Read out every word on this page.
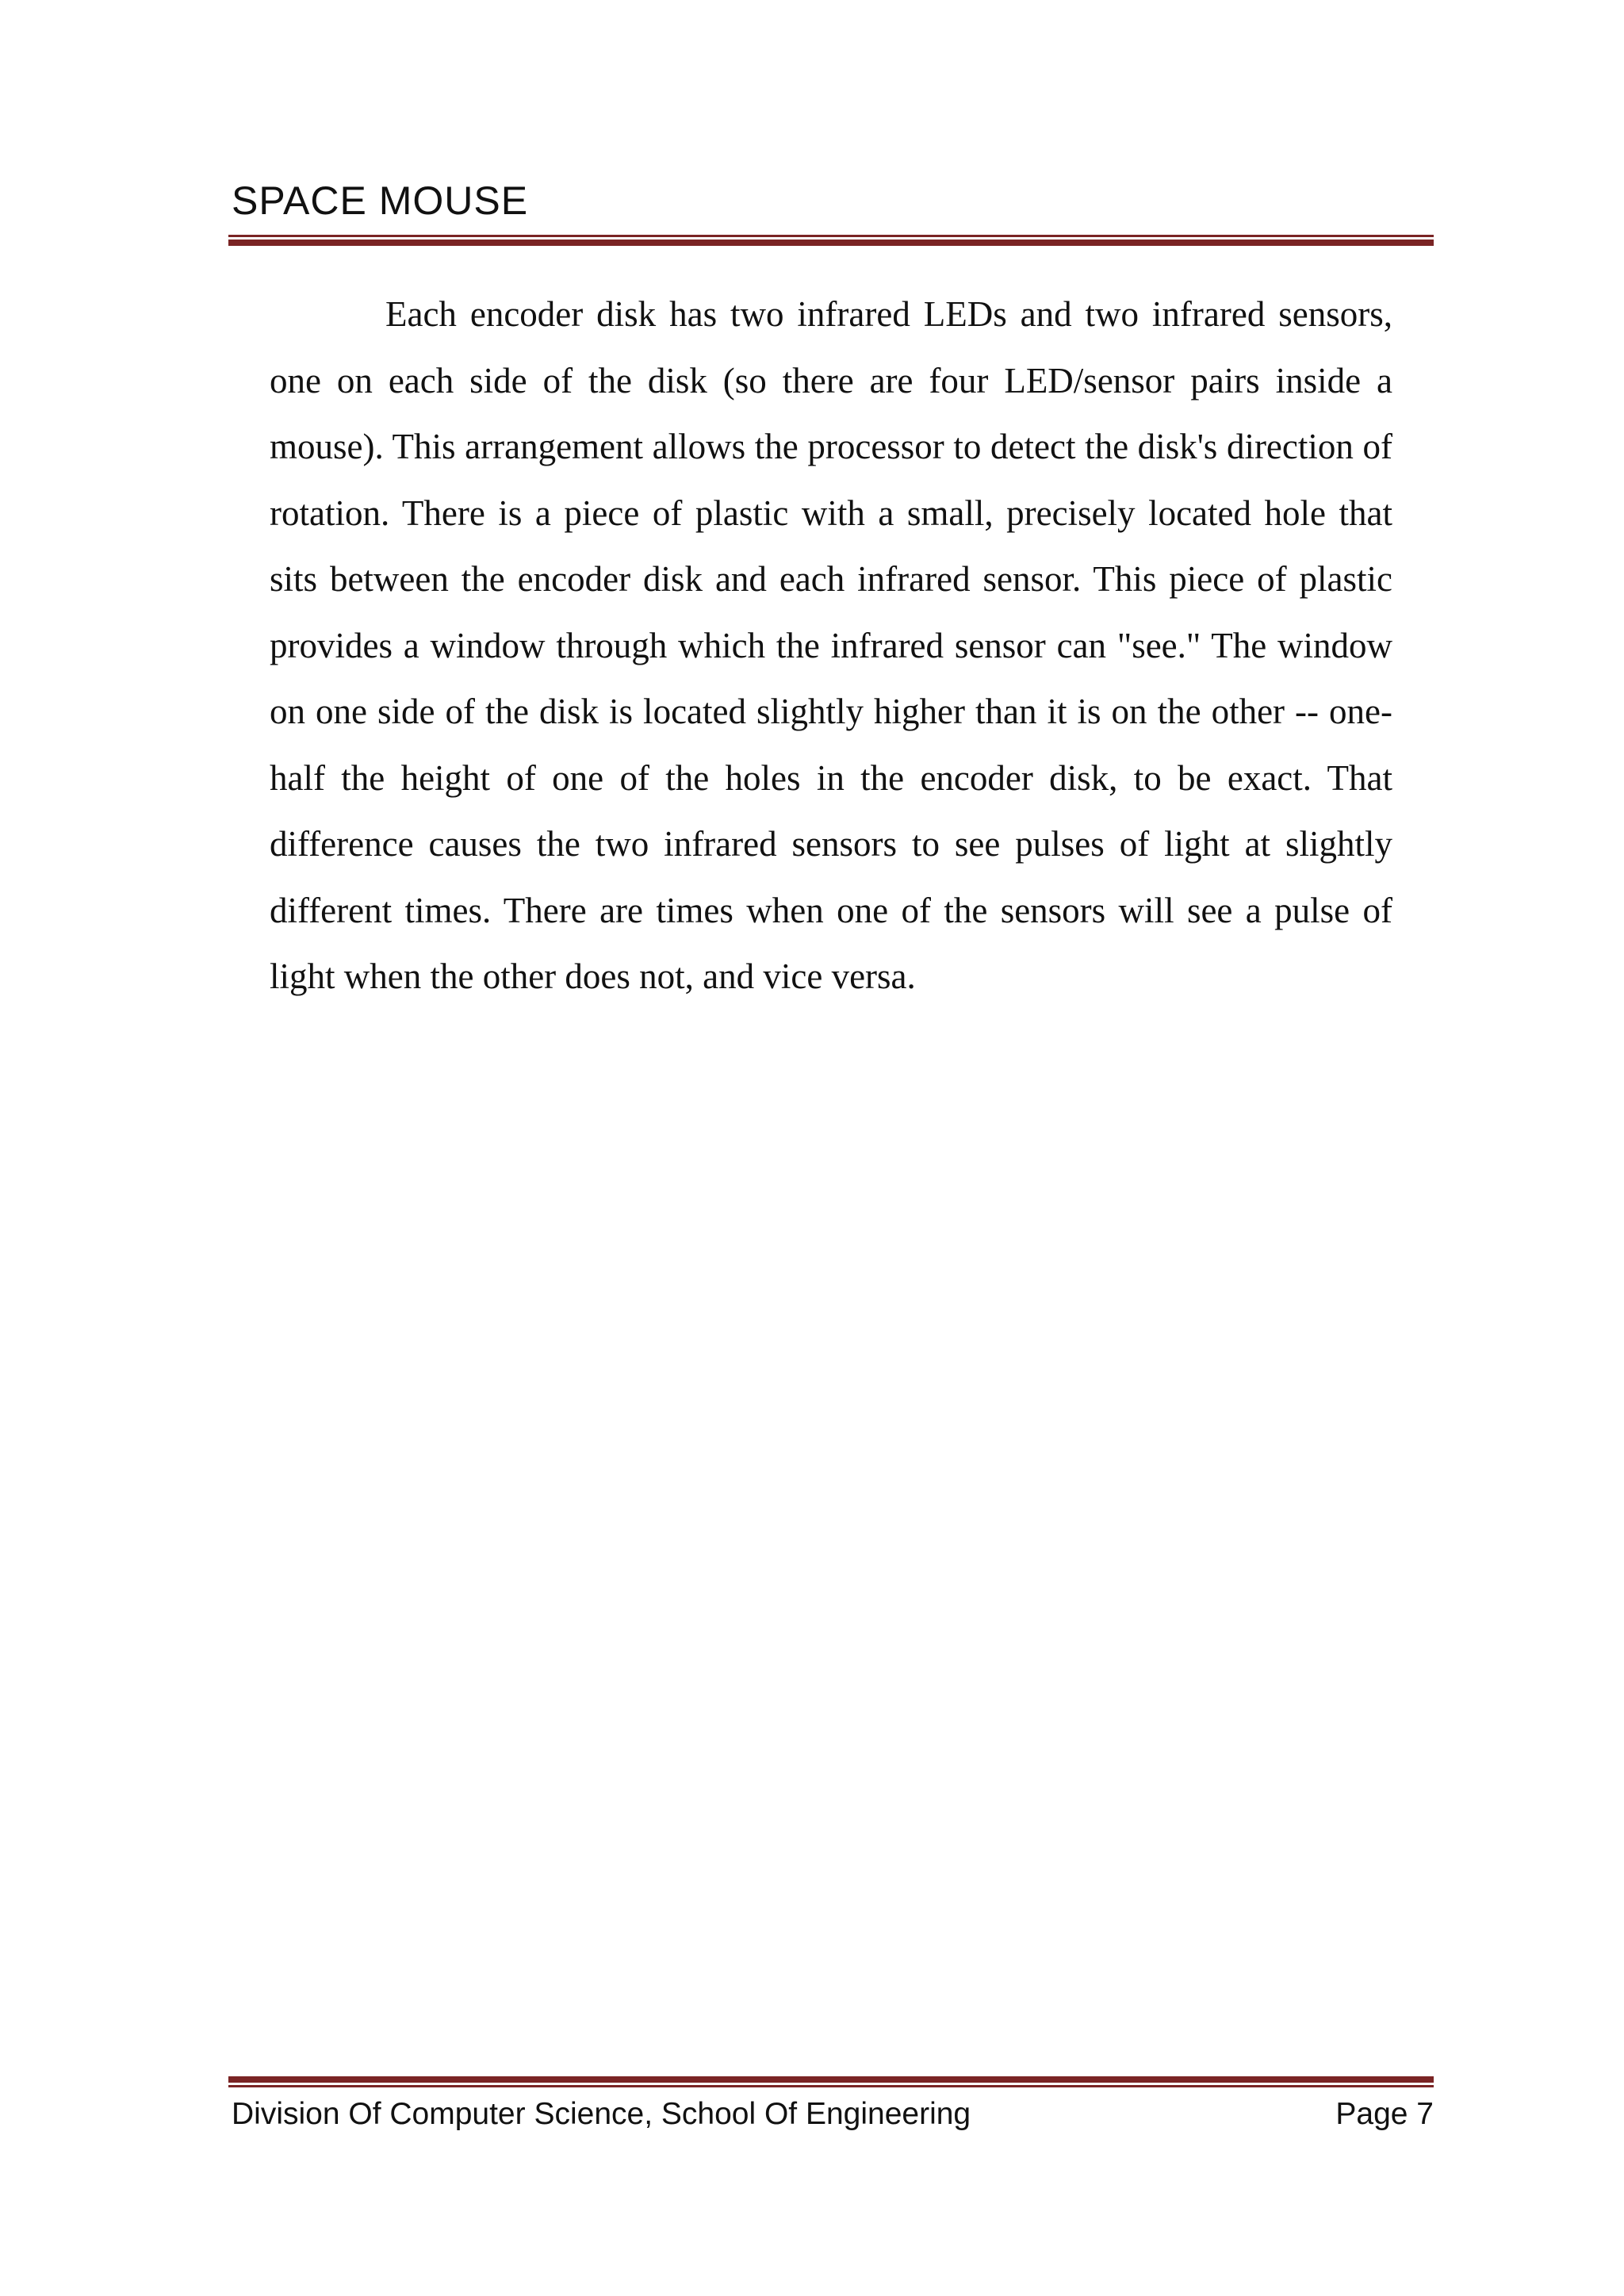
SPACE MOUSE

Each encoder disk has two infrared LEDs and two infrared sensors, one on each side of the disk (so there are four LED/sensor pairs inside a mouse). This arrangement allows the processor to detect the disk's direction of rotation. There is a piece of plastic with a small, precisely located hole that sits between the encoder disk and each infrared sensor. This piece of plastic provides a window through which the infrared sensor can "see." The window on one side of the disk is located slightly higher than it is on the other -- one-half the height of one of the holes in the encoder disk, to be exact. That difference causes the two infrared sensors to see pulses of light at slightly different times. There are times when one of the sensors will see a pulse of light when the other does not, and vice versa.

Division Of Computer Science, School Of Engineering	Page 7
